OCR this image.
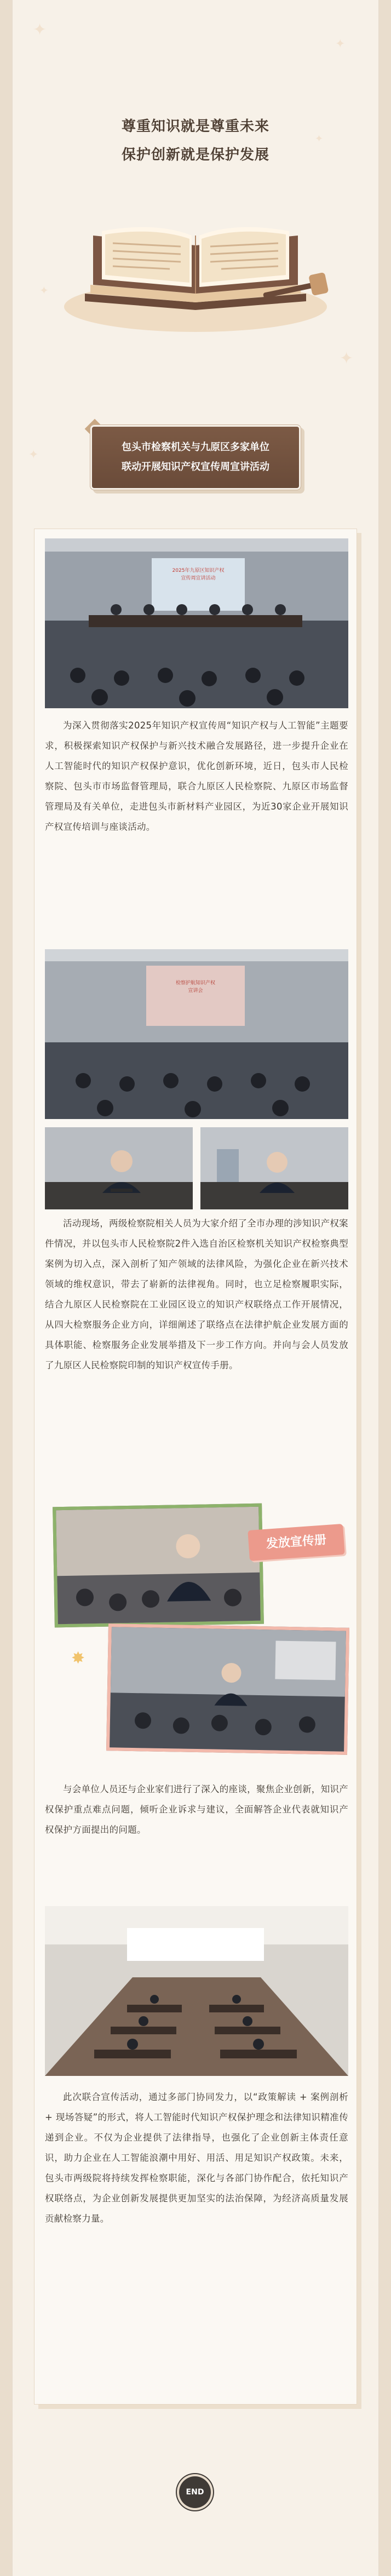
✦
✦
✦
✦
✦
✦
尊重知识就是尊重未来
保护创新就是保护发展
包头市检察机关与九原区多家单位
联动开展知识产权宣传周宣讲活动
2025年九原区知识产权
宣传周宣讲活动
为深入贯彻落实2025年知识产权宣传周“知识产权与人工智能”主题要求，积极探索知识产权保护与新兴技术融合发展路径，进一步提升企业在人工智能时代的知识产权保护意识，优化创新环境，近日，包头市人民检察院、包头市市场监督管理局，联合九原区人民检察院、九原区市场监督管理局及有关单位，走进包头市新材料产业园区，为近30家企业开展知识产权宣传培训与座谈活动。
检察护航知识产权
宣讲会
活动现场，两级检察院相关人员为大家介绍了全市办理的涉知识产权案件情况，并以包头市人民检察院2件入选自治区检察机关知识产权检察典型案例为切入点，深入剖析了知产领域的法律风险，为强化企业在新兴技术领域的维权意识，带去了崭新的法律视角。同时，也立足检察履职实际，结合九原区人民检察院在工业园区设立的知识产权联络点工作开展情况，从四大检察服务企业方向，详细阐述了联络点在法律护航企业发展方面的具体职能、检察服务企业发展举措及下一步工作方向。并向与会人员发放了九原区人民检察院印制的知识产权宣传手册。
发放宣传册
✸
与会单位人员还与企业家们进行了深入的座谈，聚焦企业创新，知识产权保护重点难点问题，倾听企业诉求与建议，全面解答企业代表就知识产权保护方面提出的问题。
此次联合宣传活动，通过多部门协同发力，以“政策解读 + 案例剖析 + 现场答疑”的形式，将人工智能时代知识产权保护理念和法律知识精准传递到企业。不仅为企业提供了法律指导，也强化了企业创新主体责任意识，助力企业在人工智能浪潮中用好、用活、用足知识产权政策。未来，包头市两级院将持续发挥检察职能，深化与各部门协作配合，依托知识产权联络点，为企业创新发展提供更加坚实的法治保障，为经济高质量发展贡献检察力量。
END
